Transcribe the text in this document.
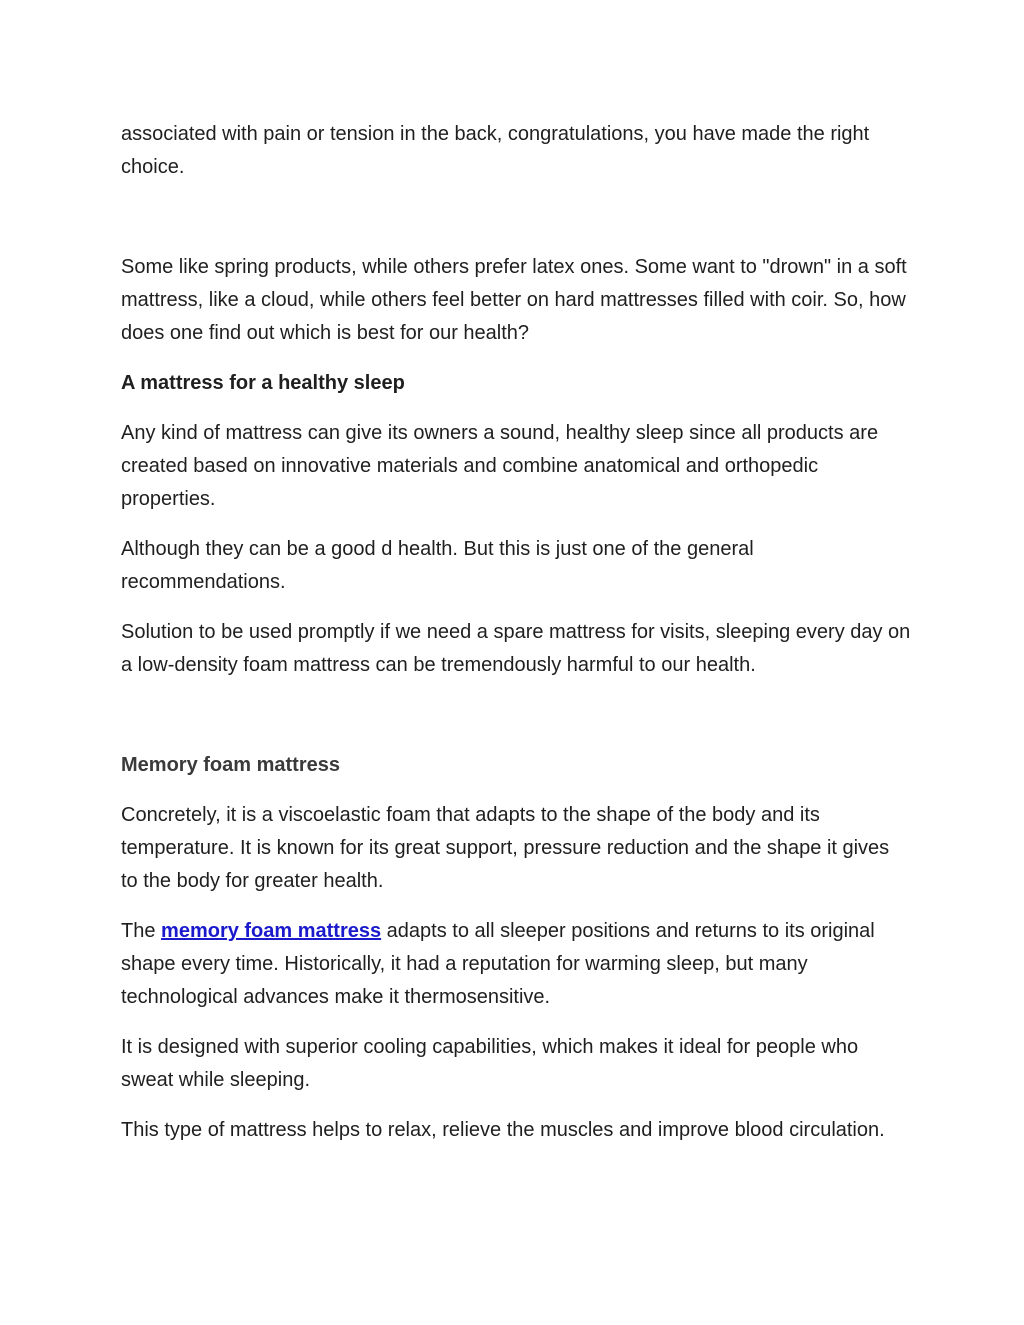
associated with pain or tension in the back, congratulations, you have made the right choice.

Some like spring products, while others prefer latex ones. Some want to "drown" in a soft mattress, like a cloud, while others feel better on hard mattresses filled with coir. So, how does one find out which is best for our health?

A mattress for a healthy sleep

Any kind of mattress can give its owners a sound, healthy sleep since all products are created based on innovative materials and combine anatomical and orthopedic properties.

Although they can be a good d health. But this is just one of the general recommendations.

Solution to be used promptly if we need a spare mattress for visits, sleeping every day on a low-density foam mattress can be tremendously harmful to our health.

Memory foam mattress

Concretely, it is a viscoelastic foam that adapts to the shape of the body and its temperature. It is known for its great support, pressure reduction and the shape it gives to the body for greater health.

The memory foam mattress adapts to all sleeper positions and returns to its original shape every time. Historically, it had a reputation for warming sleep, but many technological advances make it thermosensitive.

It is designed with superior cooling capabilities, which makes it ideal for people who sweat while sleeping.

This type of mattress helps to relax, relieve the muscles and improve blood circulation.
